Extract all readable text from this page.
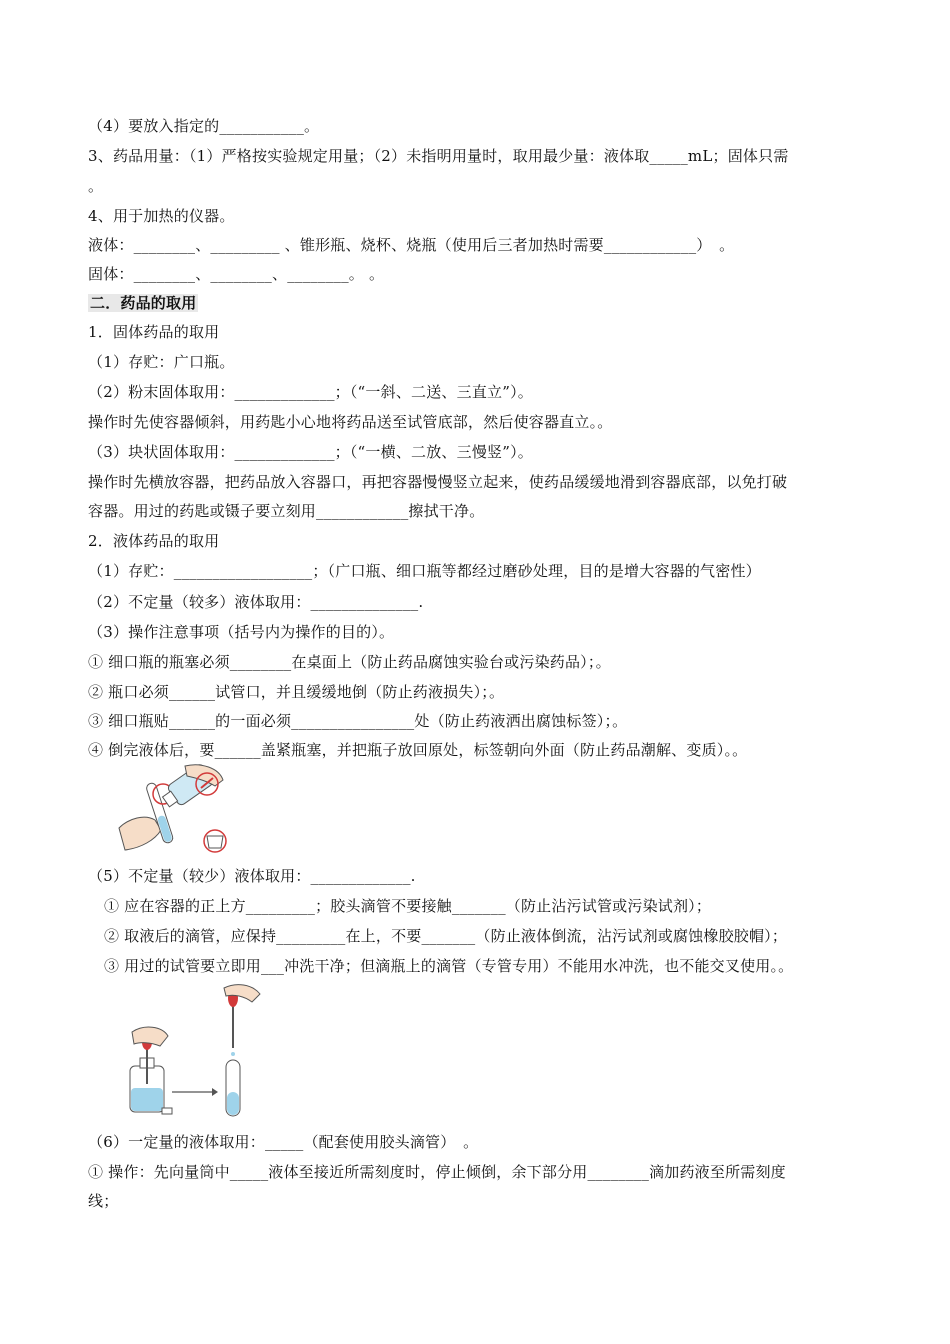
（4）要放入指定的___________。
3、药品用量：（1）严格按实验规定用量；（2）未指明用量时，取用最少量：液体取_____mL；固体只需
。
4、用于加热的仪器。
液体：________、_________ 、锥形瓶、烧杯、烧瓶（使用后三者加热时需要____________）　。
固体：________、________、________。 。
二．药品的取用
1．固体药品的取用
（1）存贮：广口瓶。
（2）粉末固体取用：_____________；（“一斜、二送、三直立”）。
操作时先使容器倾斜，用药匙小心地将药品送至试管底部，然后使容器直立。。
（3）块状固体取用：_____________；（“一横、二放、三慢竖”）。
操作时先横放容器，把药品放入容器口，再把容器慢慢竖立起来，使药品缓缓地滑到容器底部，以免打破
容器。用过的药匙或镊子要立刻用____________擦拭干净。
2．液体药品的取用
（1）存贮：__________________；（广口瓶、细口瓶等都经过磨砂处理，目的是增大容器的气密性）
（2）不定量（较多）液体取用：______________.
（3）操作注意事项（括号内为操作的目的）。
① 细口瓶的瓶塞必须________在桌面上（防止药品腐蚀实验台或污染药品）；。
② 瓶口必须______试管口，并且缓缓地倒（防止药液损失）；。
③ 细口瓶贴______的一面必须________________处（防止药液洒出腐蚀标签）；。
④ 倒完液体后，要______盖紧瓶塞，并把瓶子放回原处，标签朝向外面（防止药品潮解、变质）。。
（5）不定量（较少）液体取用：_____________.
① 应在容器的正上方_________；胶头滴管不要接触_______（防止沾污试管或污染试剂）；
② 取液后的滴管，应保持_________在上，不要_______（防止液体倒流，沾污试剂或腐蚀橡胶胶帽）；
③ 用过的试管要立即用___冲洗干净；但滴瓶上的滴管（专管专用）不能用水冲洗，也不能交叉使用。。
（6）一定量的液体取用：_____（配套使用胶头滴管）　。
① 操作：先向量筒中_____液体至接近所需刻度时，停止倾倒，余下部分用________滴加药液至所需刻度
线；
